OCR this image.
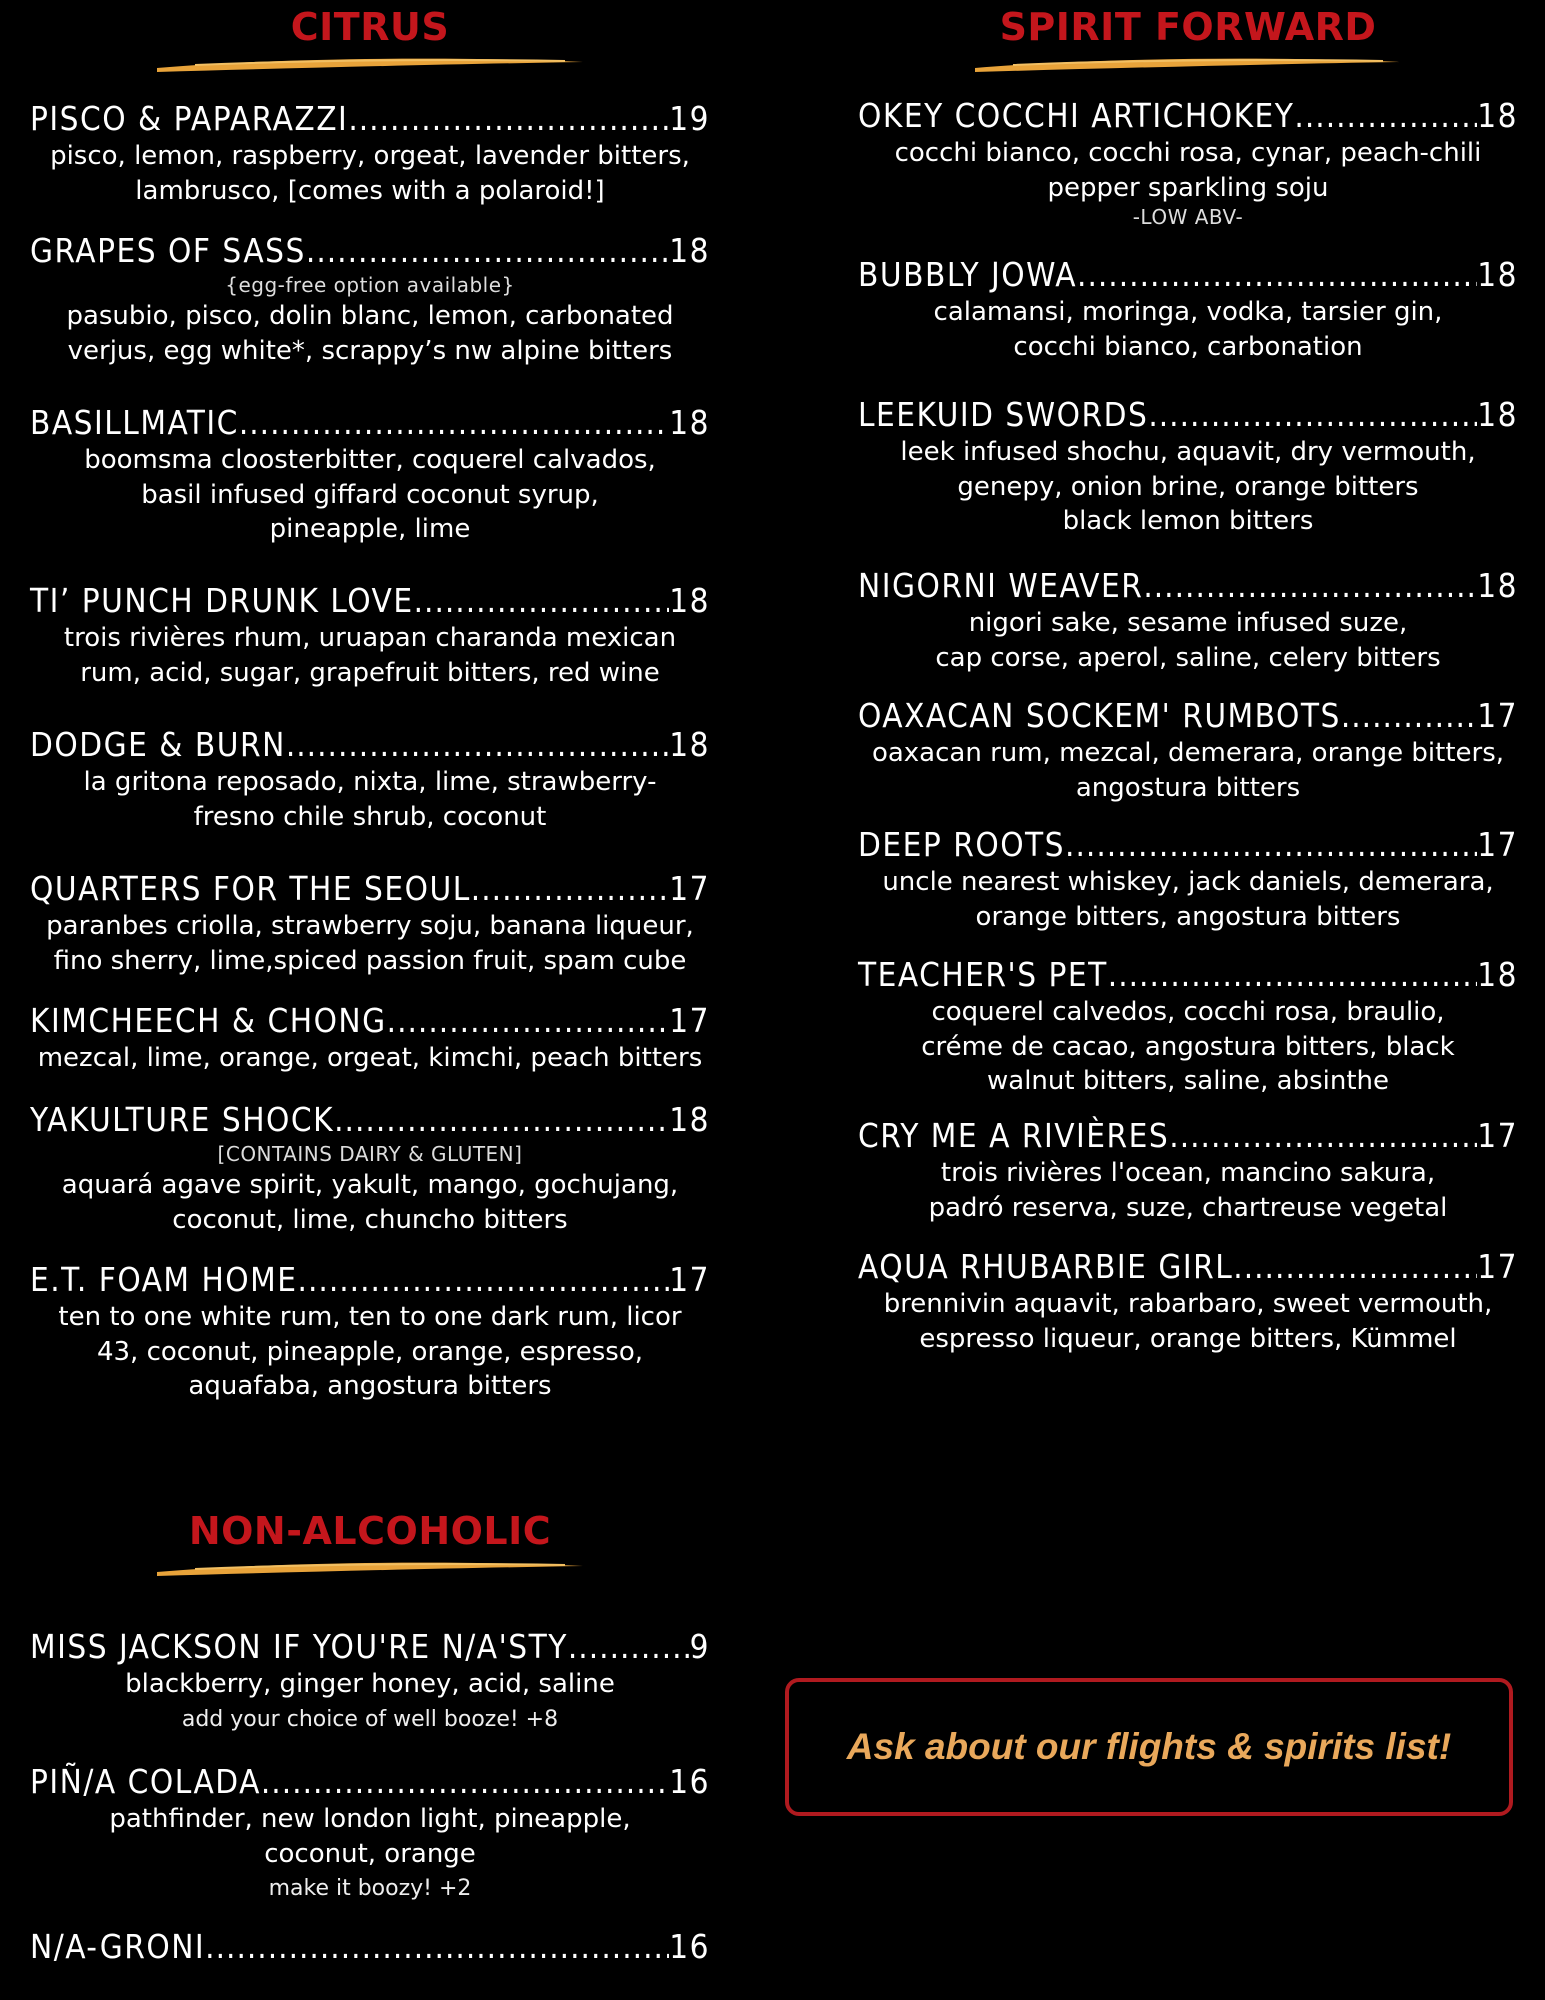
CITRUS
PISCO & PAPARAZZI .....	19
pisco, lemon, raspberry, orgeat, lavender bitters,
lambrusco, [comes with a polaroid!]
GRAPES OF SASS .....	18
{egg-free option available}
pasubio, pisco, dolin blanc, lemon, carbonated
verjus, egg white*, scrappy’s nw alpine bitters
BASILLMATIC .....	18
boomsma cloosterbitter, coquerel calvados,
basil infused giffard coconut syrup,
pineapple, lime
TI’ PUNCH DRUNK LOVE .....	18
trois rivières rhum, uruapan charanda mexican
rum, acid, sugar, grapefruit bitters, red wine
DODGE & BURN .....	18
la gritona reposado, nixta, lime, strawberry-
fresno chile shrub, coconut
QUARTERS FOR THE SEOUL .....	17
paranbes criolla, strawberry soju, banana liqueur,
fino sherry, lime,spiced passion fruit, spam cube
KIMCHEECH & CHONG .....	17
mezcal, lime, orange, orgeat, kimchi, peach bitters
YAKULTURE SHOCK .....	18
[CONTAINS DAIRY & GLUTEN]
aquará agave spirit, yakult, mango, gochujang,
coconut, lime, chuncho bitters
E.T. FOAM HOME .....	17
ten to one white rum, ten to one dark rum, licor
43, coconut, pineapple, orange, espresso,
aquafaba, angostura bitters
NON-ALCOHOLIC
MISS JACKSON IF YOU'RE N/A'STY .....	9
blackberry, ginger honey, acid, saline
add your choice of well booze! +8
PIÑ/A COLADA .....	16
pathfinder, new london light, pineapple,
coconut, orange
make it boozy! +2
N/A-GRONI .....	16
SPIRIT FORWARD
OKEY COCCHI ARTICHOKEY .....	18
cocchi bianco, cocchi rosa, cynar, peach-chili
pepper sparkling soju
-LOW ABV-
BUBBLY JOWA .....	18
calamansi, moringa, vodka, tarsier gin,
cocchi bianco, carbonation
LEEKUID SWORDS .....	18
leek infused shochu, aquavit, dry vermouth,
genepy, onion brine, orange bitters
black lemon bitters
NIGORNI WEAVER .....	18
nigori sake, sesame infused suze,
cap corse, aperol, saline, celery bitters
OAXACAN SOCKEM' RUMBOTS .....	17
oaxacan rum, mezcal, demerara, orange bitters,
angostura bitters
DEEP ROOTS .....	17
uncle nearest whiskey, jack daniels, demerara,
orange bitters, angostura bitters
TEACHER'S PET .....	18
coquerel calvedos, cocchi rosa, braulio,
créme de cacao, angostura bitters, black
walnut bitters, saline, absinthe
CRY ME A RIVIÈRES .....	17
trois rivières l'ocean, mancino sakura,
padró reserva, suze, chartreuse vegetal
AQUA RHUBARBIE GIRL .....	17
brennivin aquavit, rabarbaro, sweet vermouth,
espresso liqueur, orange bitters, Kümmel
Ask about our flights & spirits list!
